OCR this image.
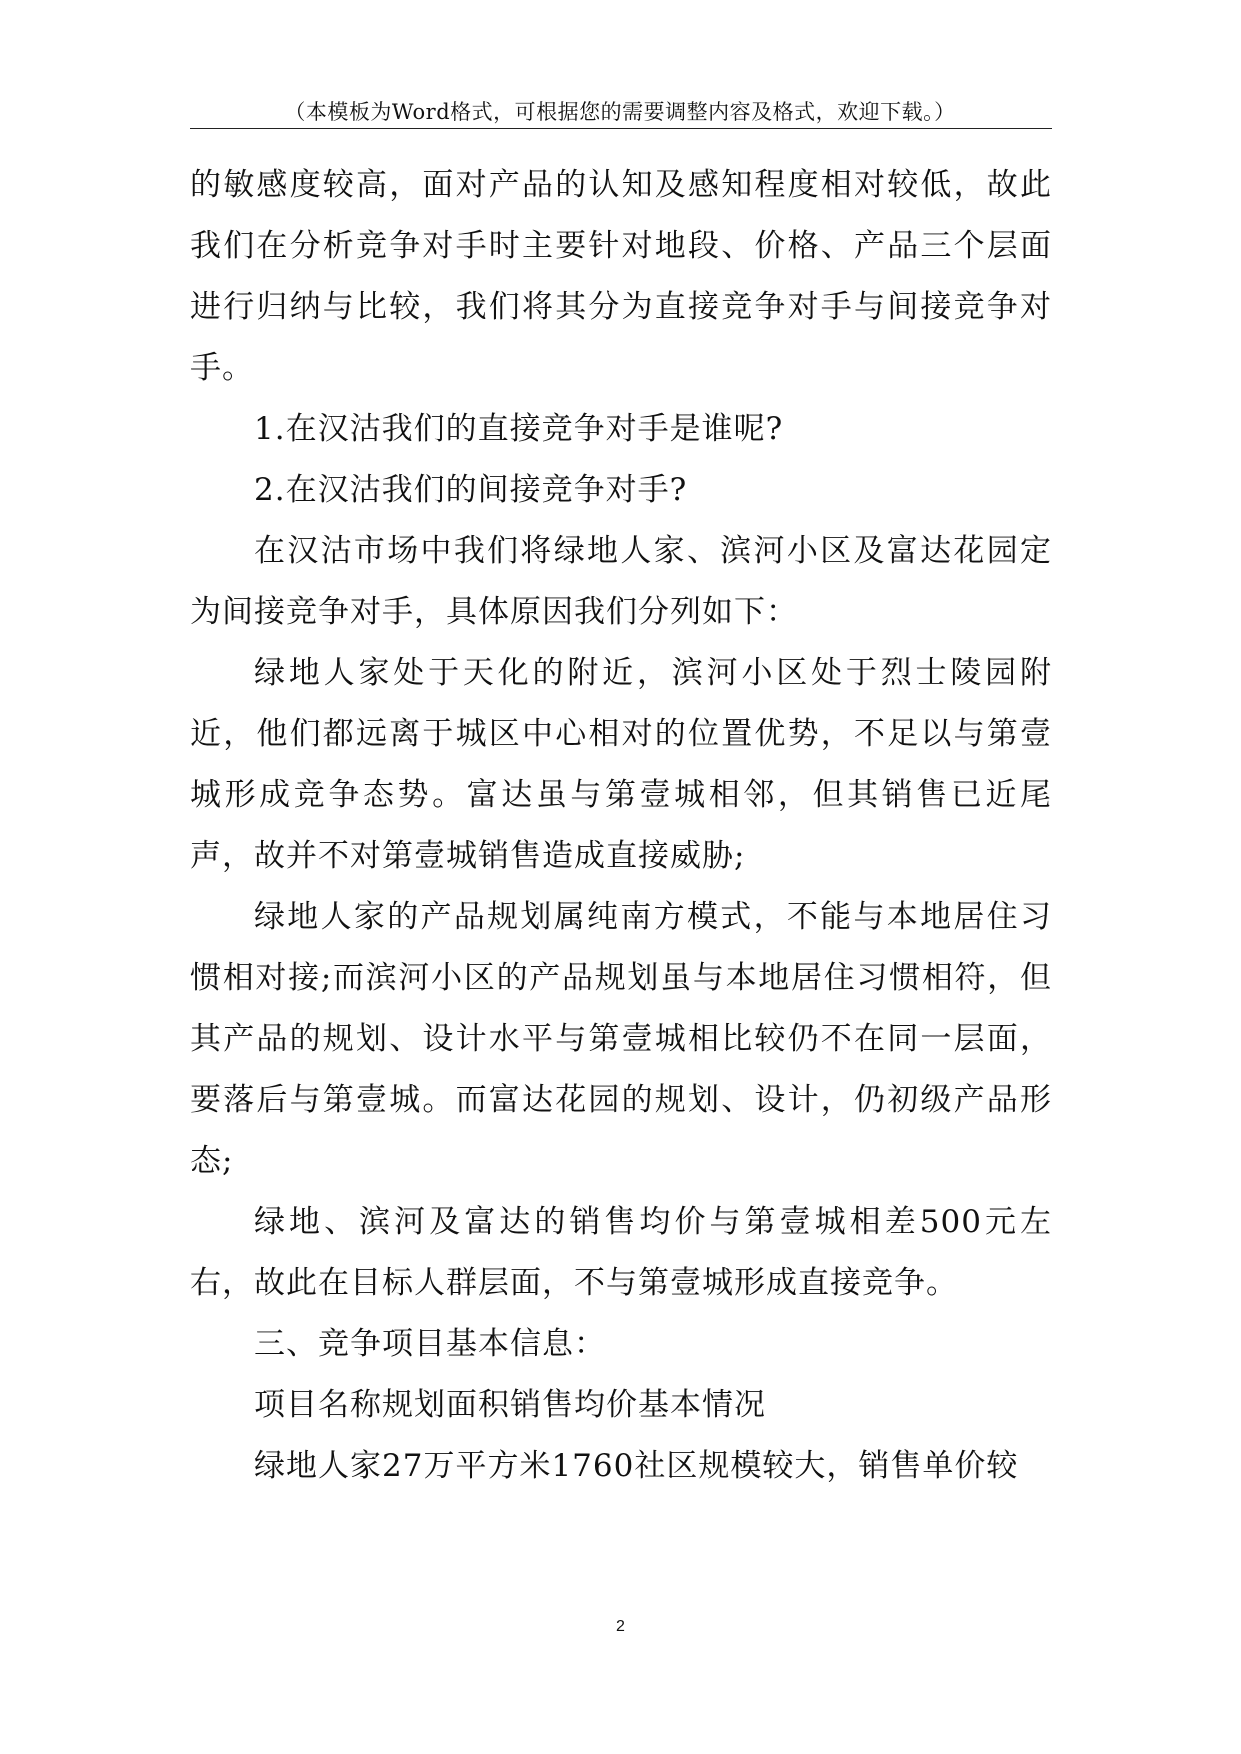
（本模板为Word格式，可根据您的需要调整内容及格式，欢迎下载。）

的敏感度较高，面对产品的认知及感知程度相对较低，故此我们在分析竞争对手时主要针对地段、价格、产品三个层面进行归纳与比较，我们将其分为直接竞争对手与间接竞争对手。

1.在汉沽我们的直接竞争对手是谁呢?

2.在汉沽我们的间接竞争对手?

在汉沽市场中我们将绿地人家、滨河小区及富达花园定为间接竞争对手，具体原因我们分列如下：

绿地人家处于天化的附近，滨河小区处于烈士陵园附近，他们都远离于城区中心相对的位置优势，不足以与第壹城形成竞争态势。富达虽与第壹城相邻，但其销售已近尾声，故并不对第壹城销售造成直接威胁;

绿地人家的产品规划属纯南方模式，不能与本地居住习惯相对接;而滨河小区的产品规划虽与本地居住习惯相符，但其产品的规划、设计水平与第壹城相比较仍不在同一层面，要落后与第壹城。而富达花园的规划、设计，仍初级产品形态;

绿地、滨河及富达的销售均价与第壹城相差500元左右，故此在目标人群层面，不与第壹城形成直接竞争。

三、竞争项目基本信息：

项目名称规划面积销售均价基本情况

绿地人家27万平方米1760社区规模较大，销售单价较

2
